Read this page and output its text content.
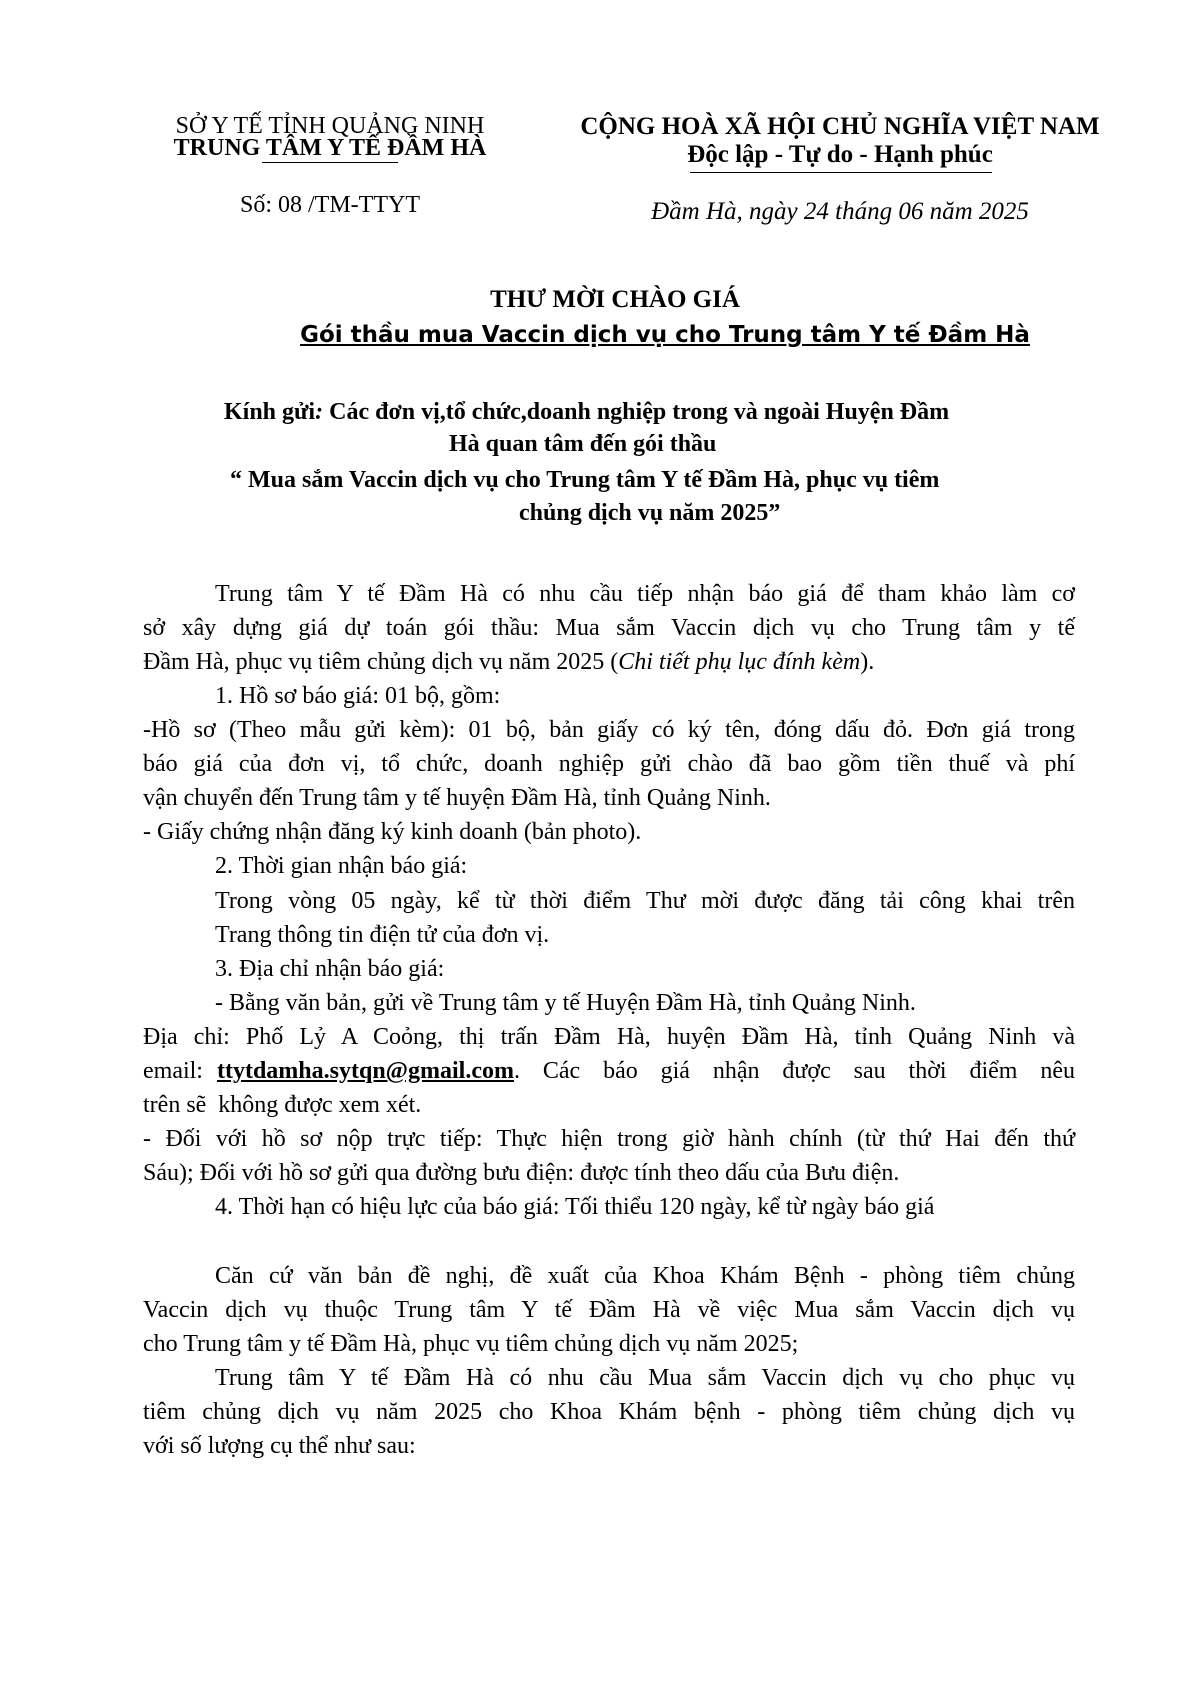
SỞ Y TẾ TỈNH QUẢNG NINH
TRUNG TÂM Y TẾ ĐẦM HÀ
Số: 08 /TM-TTYT
CỘNG HOÀ XÃ HỘI CHỦ NGHĨA VIỆT NAM
Độc lập - Tự do - Hạnh phúc
Đầm Hà, ngày 24 tháng 06 năm 2025
THƯ MỜI CHÀO GIÁ
Gói thầu mua Vaccin dịch vụ cho Trung tâm Y tế Đầm Hà
Kính gửi: Các đơn vị,tổ chức,doanh nghiệp trong và ngoài Huyện Đầm
Hà quan tâm đến gói thầu
“ Mua sắm Vaccin dịch vụ cho Trung tâm Y tế Đầm Hà, phục vụ tiêm
chủng dịch vụ năm 2025”
Trung tâm Y tế Đầm Hà có nhu cầu tiếp nhận báo giá để tham khảo làm cơ
sở xây dựng giá dự toán gói thầu: Mua sắm Vaccin dịch vụ cho Trung tâm y tế
Đầm Hà, phục vụ tiêm chủng dịch vụ năm 2025 (Chi tiết phụ lục đính kèm).
1. Hồ sơ báo giá: 01 bộ, gồm:
-Hồ sơ (Theo mẫu gửi kèm): 01 bộ, bản giấy có ký tên, đóng dấu đỏ. Đơn giá trong
báo giá của đơn vị, tổ chức, doanh nghiệp gửi chào đã bao gồm tiền thuế và phí
vận chuyển đến Trung tâm y tế huyện Đầm Hà, tỉnh Quảng Ninh.
- Giấy chứng nhận đăng ký kinh doanh (bản photo).
2. Thời gian nhận báo giá:
Trong vòng 05 ngày, kể từ thời điểm Thư mời được đăng tải công khai trên
Trang thông tin điện tử của đơn vị.
3. Địa chỉ nhận báo giá:
- Bằng văn bản, gửi về Trung tâm y tế Huyện Đầm Hà, tỉnh Quảng Ninh.
Địa chỉ: Phố Lỷ A Coỏng, thị trấn Đầm Hà, huyện Đầm Hà, tỉnh Quảng Ninh và
email: ttytdamha.sytqn@gmail.com . Các báo giá nhận được sau thời điểm nêu
trên sẽ  không được xem xét.
- Đối với hồ sơ nộp trực tiếp: Thực hiện trong giờ hành chính (từ thứ Hai đến thứ
Sáu); Đối với hồ sơ gửi qua đường bưu điện: được tính theo dấu của Bưu điện.
4. Thời hạn có hiệu lực của báo giá: Tối thiểu 120 ngày, kể từ ngày báo giá
Căn cứ văn bản đề nghị, đề xuất của Khoa Khám Bệnh - phòng tiêm chủng
Vaccin dịch vụ thuộc Trung tâm Y tế Đầm Hà về việc Mua sắm Vaccin dịch vụ
cho Trung tâm y tế Đầm Hà, phục vụ tiêm chủng dịch vụ năm 2025;
Trung tâm Y tế Đầm Hà có nhu cầu Mua sắm Vaccin dịch vụ cho phục vụ
tiêm chủng dịch vụ năm 2025 cho Khoa Khám bệnh - phòng tiêm chủng dịch vụ
với số lượng cụ thể như sau:
